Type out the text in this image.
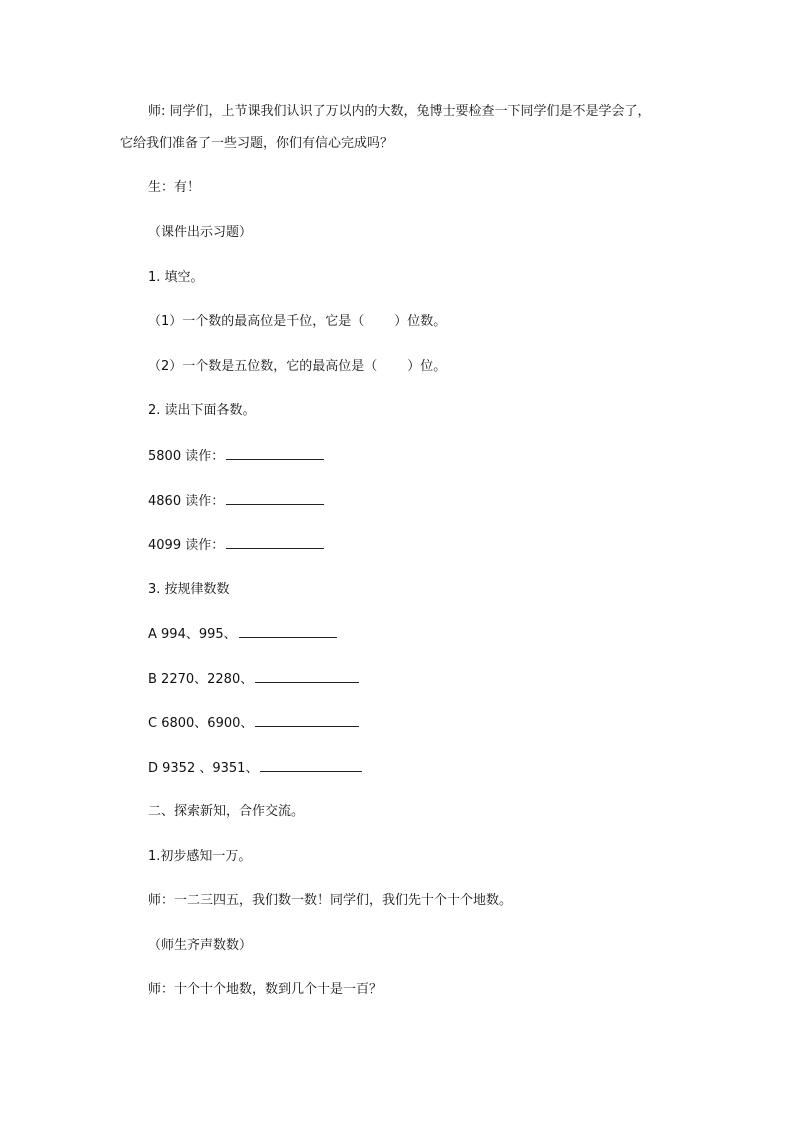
师: 同学们，上节课我们认识了万以内的大数，兔博士要检查一下同学们是不是学会了，
它给我们准备了一些习题，你们有信心完成吗？
生：有！
（课件出示习题）
1. 填空。
（1）一个数的最高位是千位，它是（ ）位数。
（2）一个数是五位数，它的最高位是（ ）位。
2. 读出下面各数。
5800 读作：
4860 读作：
4099 读作：
3. 按规律数数
A 994、995、
B 2270、2280、
C 6800、6900、
D 9352 、9351、
二、探索新知，合作交流。
1.初步感知一万。
师：一二三四五，我们数一数！同学们，我们先十个十个地数。
（师生齐声数数）
师：十个十个地数，数到几个十是一百？
